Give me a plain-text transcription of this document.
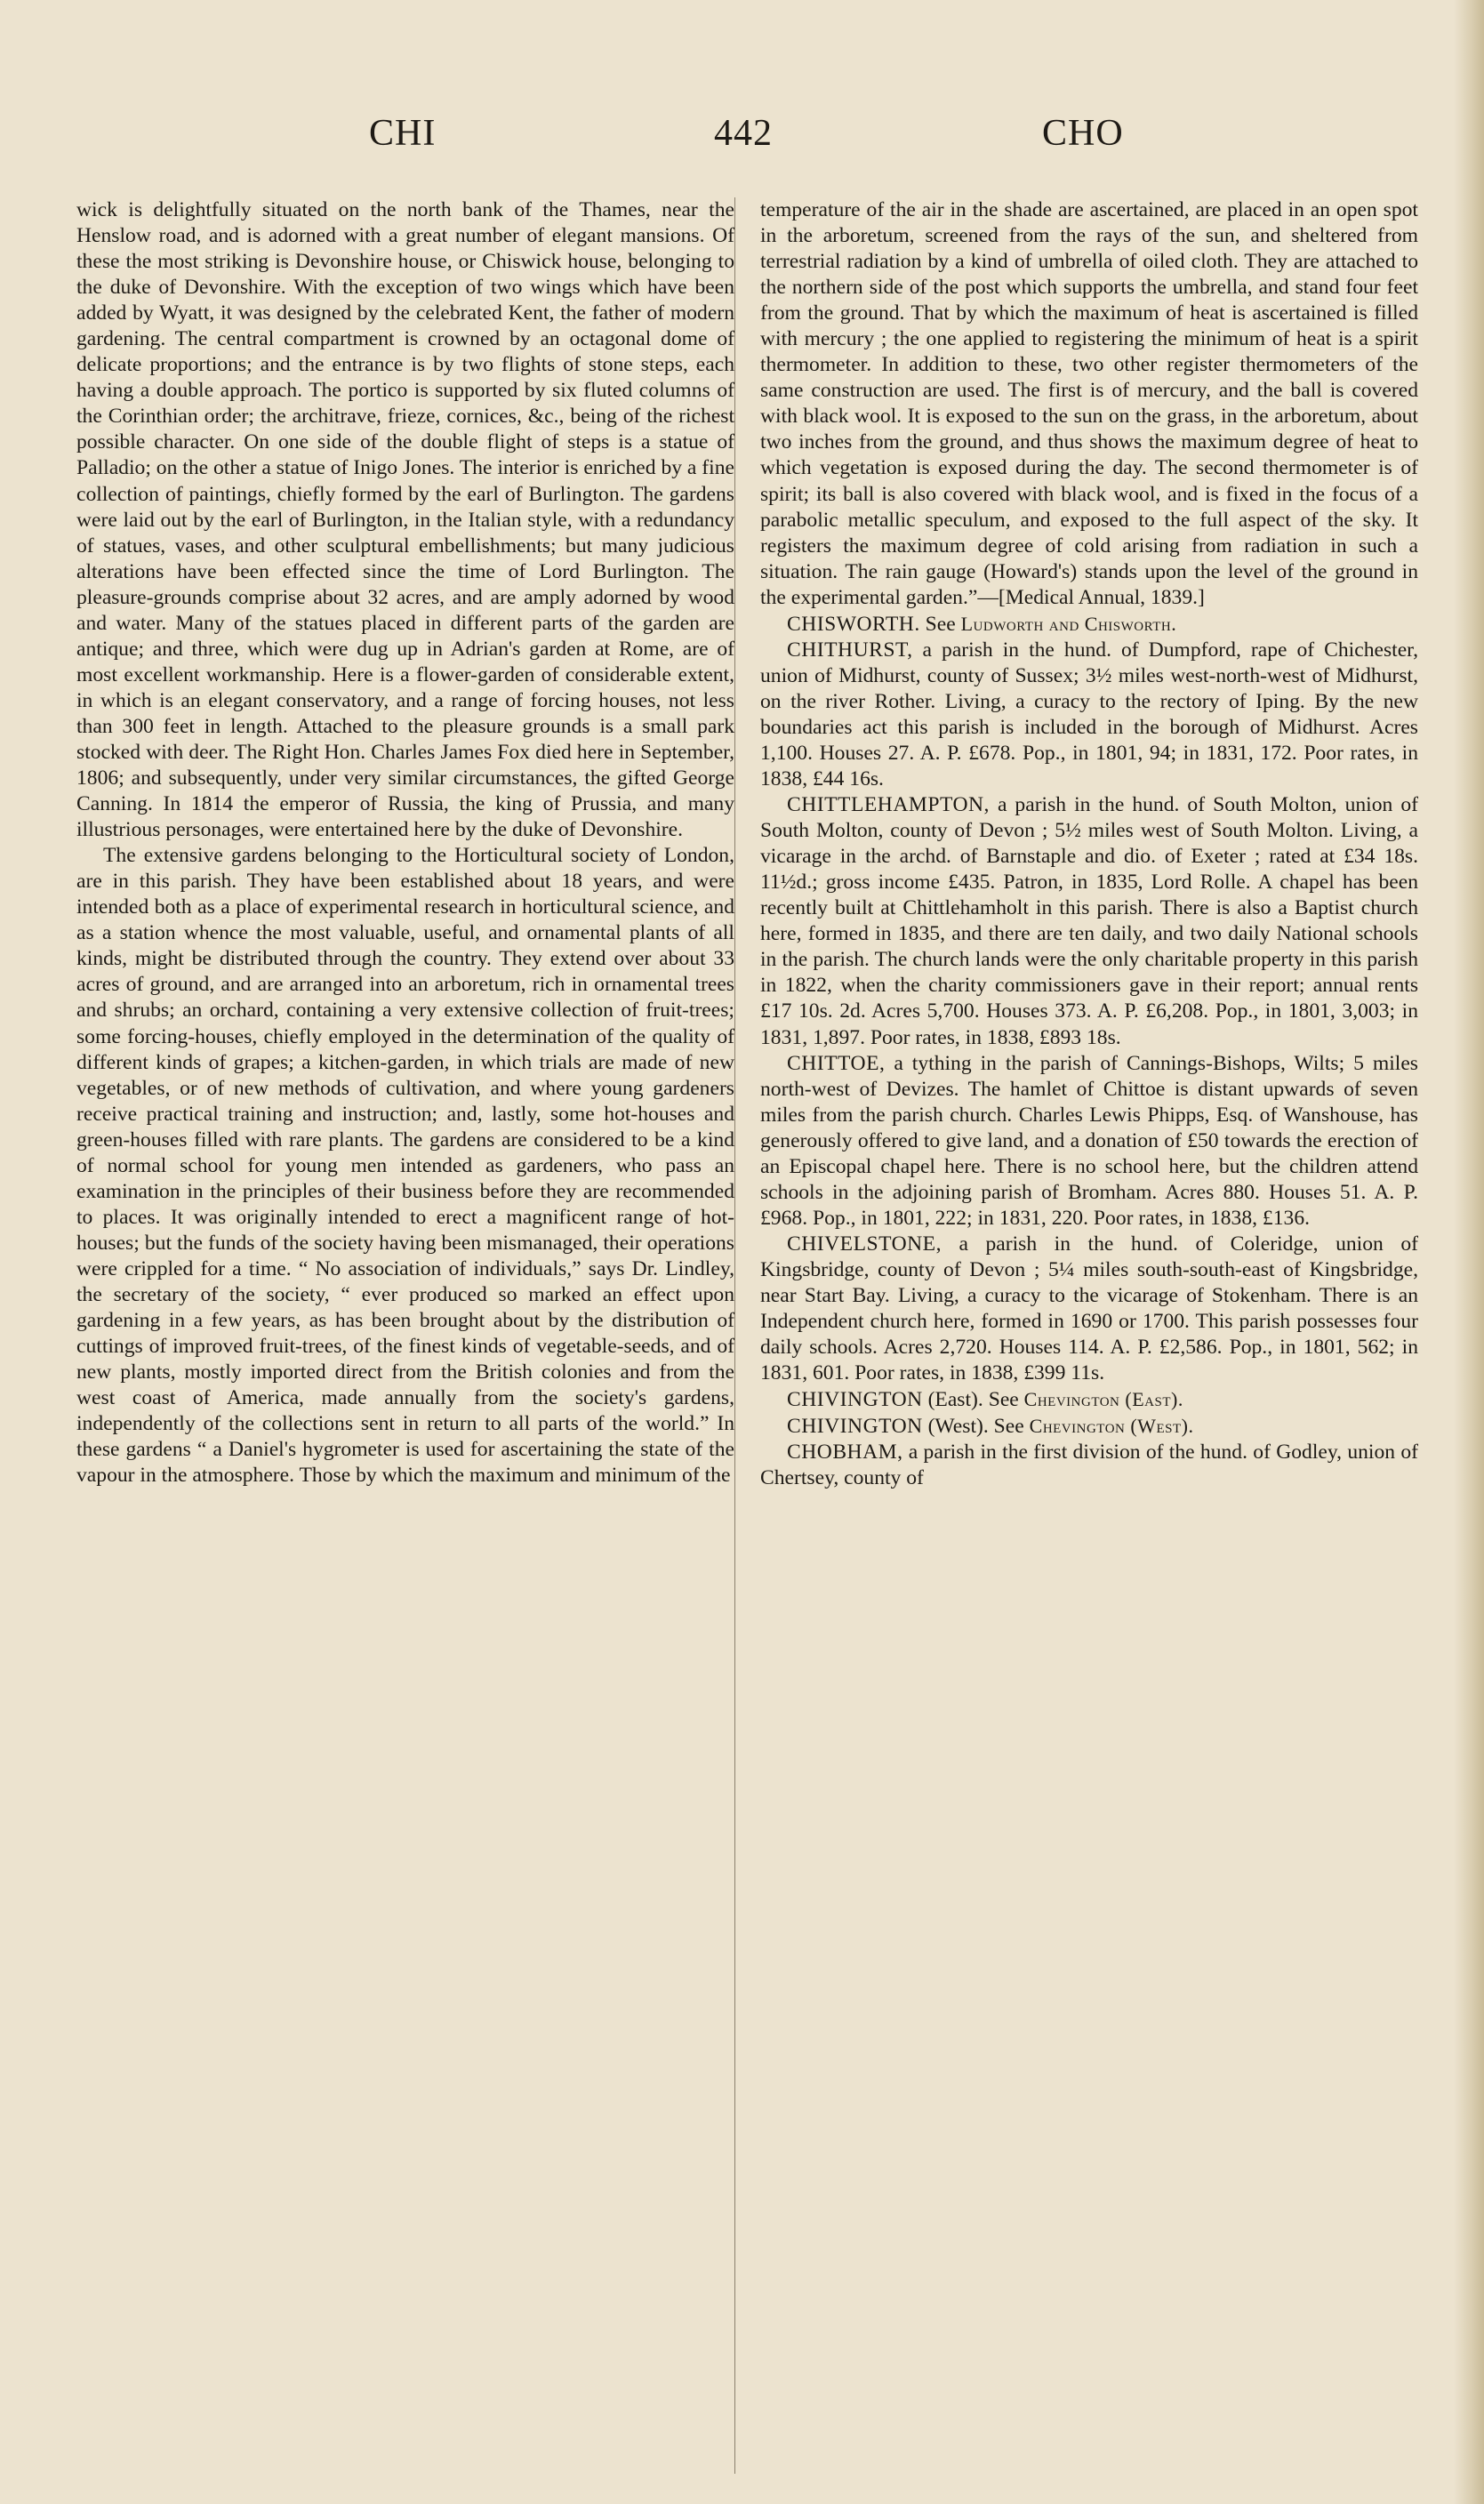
CHI	442	CHO

wick is delightfully situated on the north bank of the Thames, near the Henslow road, and is adorned with a great number of elegant mansions. Of these the most striking is Devonshire house, or Chiswick house, belonging to the duke of Devonshire. With the exception of two wings which have been added by Wyatt, it was designed by the celebrated Kent, the father of modern gardening. The central compartment is crowned by an octagonal dome of delicate proportions; and the entrance is by two flights of stone steps, each having a double approach. The portico is supported by six fluted columns of the Corinthian order; the architrave, frieze, cornices, &c., being of the richest possible character. On one side of the double flight of steps is a statue of Palladio; on the other a statue of Inigo Jones. The interior is enriched by a fine collection of paintings, chiefly formed by the earl of Burlington. The gardens were laid out by the earl of Burlington, in the Italian style, with a redundancy of statues, vases, and other sculptural embellishments; but many judicious alterations have been effected since the time of Lord Burlington. The pleasure-grounds comprise about 32 acres, and are amply adorned by wood and water. Many of the statues placed in different parts of the garden are antique; and three, which were dug up in Adrian's garden at Rome, are of most excellent workmanship. Here is a flower-garden of considerable extent, in which is an elegant conservatory, and a range of forcing houses, not less than 300 feet in length. Attached to the pleasure grounds is a small park stocked with deer. The Right Hon. Charles James Fox died here in September, 1806; and subsequently, under very similar circumstances, the gifted George Canning. In 1814 the emperor of Russia, the king of Prussia, and many illustrious personages, were entertained here by the duke of Devonshire.

The extensive gardens belonging to the Horticultural society of London, are in this parish. They have been established about 18 years, and were intended both as a place of experimental research in horticultural science, and as a station whence the most valuable, useful, and ornamental plants of all kinds, might be distributed through the country. They extend over about 33 acres of ground, and are arranged into an arboretum, rich in ornamental trees and shrubs; an orchard, containing a very extensive collection of fruit-trees; some forcing-houses, chiefly employed in the determination of the quality of different kinds of grapes; a kitchen-garden, in which trials are made of new vegetables, or of new methods of cultivation, and where young gardeners receive practical training and instruction; and, lastly, some hot-houses and green-houses filled with rare plants. The gardens are considered to be a kind of normal school for young men intended as gardeners, who pass an examination in the principles of their business before they are recommended to places. It was originally intended to erect a magnificent range of hot-houses; but the funds of the society having been mismanaged, their operations were crippled for a time. “ No association of individuals,” says Dr. Lindley, the secretary of the society, “ ever produced so marked an effect upon gardening in a few years, as has been brought about by the distribution of cuttings of improved fruit-trees, of the finest kinds of vegetable-seeds, and of new plants, mostly imported direct from the British colonies and from the west coast of America, made annually from the society's gardens, independently of the collections sent in return to all parts of the world.” In these gardens “ a Daniel's hygrometer is used for ascertaining the state of the vapour in the atmosphere. Those by which the maximum and minimum of the

temperature of the air in the shade are ascertained, are placed in an open spot in the arboretum, screened from the rays of the sun, and sheltered from terrestrial radiation by a kind of umbrella of oiled cloth. They are attached to the northern side of the post which supports the umbrella, and stand four feet from the ground. That by which the maximum of heat is ascertained is filled with mercury ; the one applied to registering the minimum of heat is a spirit thermometer. In addition to these, two other register thermometers of the same construction are used. The first is of mercury, and the ball is covered with black wool. It is exposed to the sun on the grass, in the arboretum, about two inches from the ground, and thus shows the maximum degree of heat to which vegetation is exposed during the day. The second thermometer is of spirit; its ball is also covered with black wool, and is fixed in the focus of a parabolic metallic speculum, and exposed to the full aspect of the sky. It registers the maximum degree of cold arising from radiation in such a situation. The rain gauge (Howard's) stands upon the level of the ground in the experimental garden.”—[Medical Annual, 1839.]

CHISWORTH. See Ludworth and Chisworth.

CHITHURST, a parish in the hund. of Dumpford, rape of Chichester, union of Midhurst, county of Sussex; 3½ miles west-north-west of Midhurst, on the river Rother. Living, a curacy to the rectory of Iping. By the new boundaries act this parish is included in the borough of Midhurst. Acres 1,100. Houses 27. A. P. £678. Pop., in 1801, 94; in 1831, 172. Poor rates, in 1838, £44 16s.

CHITTLEHAMPTON, a parish in the hund. of South Molton, union of South Molton, county of Devon ; 5½ miles west of South Molton. Living, a vicarage in the archd. of Barnstaple and dio. of Exeter ; rated at £34 18s. 11½d.; gross income £435. Patron, in 1835, Lord Rolle. A chapel has been recently built at Chittlehamholt in this parish. There is also a Baptist church here, formed in 1835, and there are ten daily, and two daily National schools in the parish. The church lands were the only charitable property in this parish in 1822, when the charity commissioners gave in their report; annual rents £17 10s. 2d. Acres 5,700. Houses 373. A. P. £6,208. Pop., in 1801, 3,003; in 1831, 1,897. Poor rates, in 1838, £893 18s.

CHITTOE, a tything in the parish of Cannings-Bishops, Wilts; 5 miles north-west of Devizes. The hamlet of Chittoe is distant upwards of seven miles from the parish church. Charles Lewis Phipps, Esq. of Wanshouse, has generously offered to give land, and a donation of £50 towards the erection of an Episcopal chapel here. There is no school here, but the children attend schools in the adjoining parish of Bromham. Acres 880. Houses 51. A. P. £968. Pop., in 1801, 222; in 1831, 220. Poor rates, in 1838, £136.

CHIVELSTONE, a parish in the hund. of Coleridge, union of Kingsbridge, county of Devon ; 5¼ miles south-south-east of Kingsbridge, near Start Bay. Living, a curacy to the vicarage of Stokenham. There is an Independent church here, formed in 1690 or 1700. This parish possesses four daily schools. Acres 2,720. Houses 114. A. P. £2,586. Pop., in 1801, 562; in 1831, 601. Poor rates, in 1838, £399 11s.

CHIVINGTON (East). See Chevington (East).

CHIVINGTON (West). See Chevington (West).

CHOBHAM, a parish in the first division of the hund. of Godley, union of Chertsey, county of
